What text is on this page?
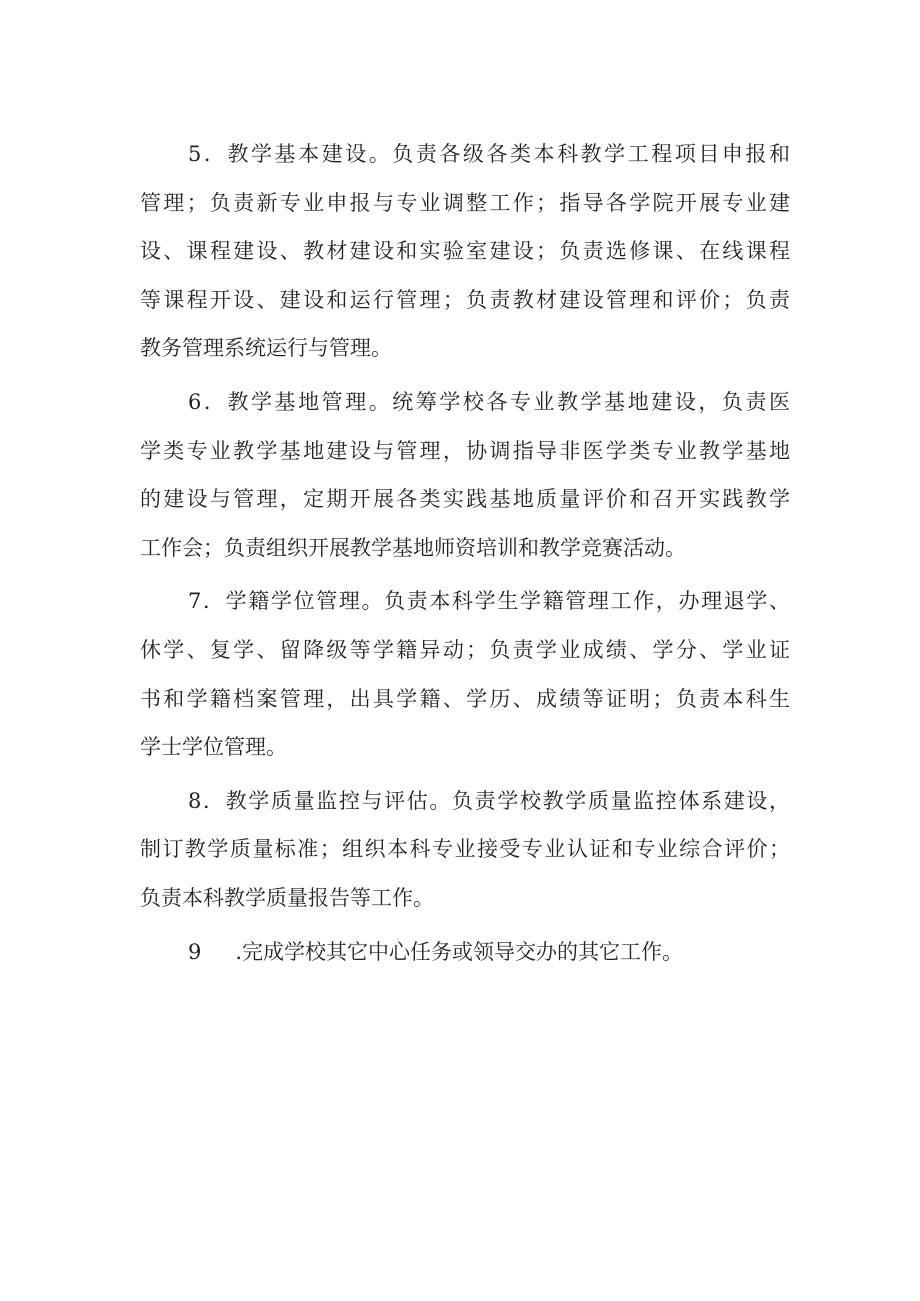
5．教学基本建设。负责各级各类本科教学工程项目申报和
管理；负责新专业申报与专业调整工作；指导各学院开展专业建
设、课程建设、教材建设和实验室建设；负责选修课、在线课程
等课程开设、建设和运行管理；负责教材建设管理和评价；负责
教务管理系统运行与管理。
6．教学基地管理。统筹学校各专业教学基地建设，负责医
学类专业教学基地建设与管理，协调指导非医学类专业教学基地
的建设与管理，定期开展各类实践基地质量评价和召开实践教学
工作会；负责组织开展教学基地师资培训和教学竞赛活动。
7．学籍学位管理。负责本科学生学籍管理工作，办理退学、
休学、复学、留降级等学籍异动；负责学业成绩、学分、学业证
书和学籍档案管理，出具学籍、学历、成绩等证明；负责本科生
学士学位管理。
8．教学质量监控与评估。负责学校教学质量监控体系建设，
制订教学质量标准；组织本科专业接受专业认证和专业综合评价；
负责本科教学质量报告等工作。
9 .完成学校其它中心任务或领导交办的其它工作。
